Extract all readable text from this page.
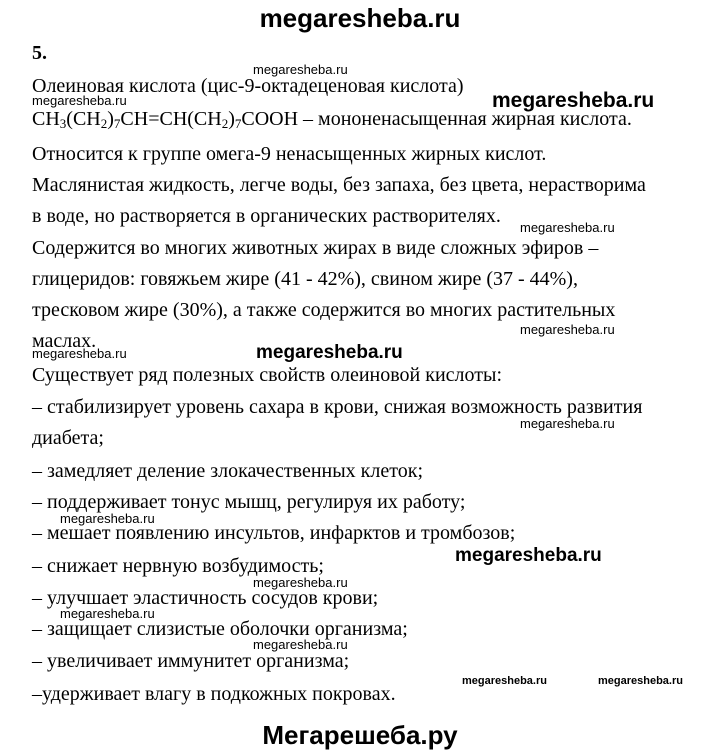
megaresheba.ru
5.
Олеиновая кислота (цис-9-октадеценовая кислота)
$CH_3(CH_2)_7CH=CH(CH_2)_7COOH$ – мононенасыщенная жирная кислота.
Относится к группе омега-9 ненасыщенных жирных кислот.
Маслянистая жидкость, легче воды, без запаха, без цвета, нерастворима
в воде, но растворяется в органических растворителях.
Содержится во многих животных жирах в виде сложных эфиров –
глицеридов: говяжьем жире (41 - 42%), свином жире (37 - 44%),
тресковом жире (30%), а также содержится во многих растительных
маслах.
Существует ряд полезных свойств олеиновой кислоты:
– стабилизирует уровень сахара в крови, снижая возможность развития
диабета;
– замедляет деление злокачественных клеток;
– поддерживает тонус мышц, регулируя их работу;
– мешает появлению инсультов, инфарктов и тромбозов;
– снижает нервную возбудимость;
– улучшает эластичность сосудов крови;
– защищает слизистые оболочки организма;
– увеличивает иммунитет организма;
–удерживает влагу в подкожных покровах.
megaresheba.ru
megaresheba.ru	megaresheba.ru
megaresheba.ru
megaresheba.ru
megaresheba.ru	megaresheba.ru
megaresheba.ru
megaresheba.ru
megaresheba.ru
megaresheba.ru
megaresheba.ru
megaresheba.ru
megaresheba.ru	megaresheba.ru
Мегарешеба.ру
